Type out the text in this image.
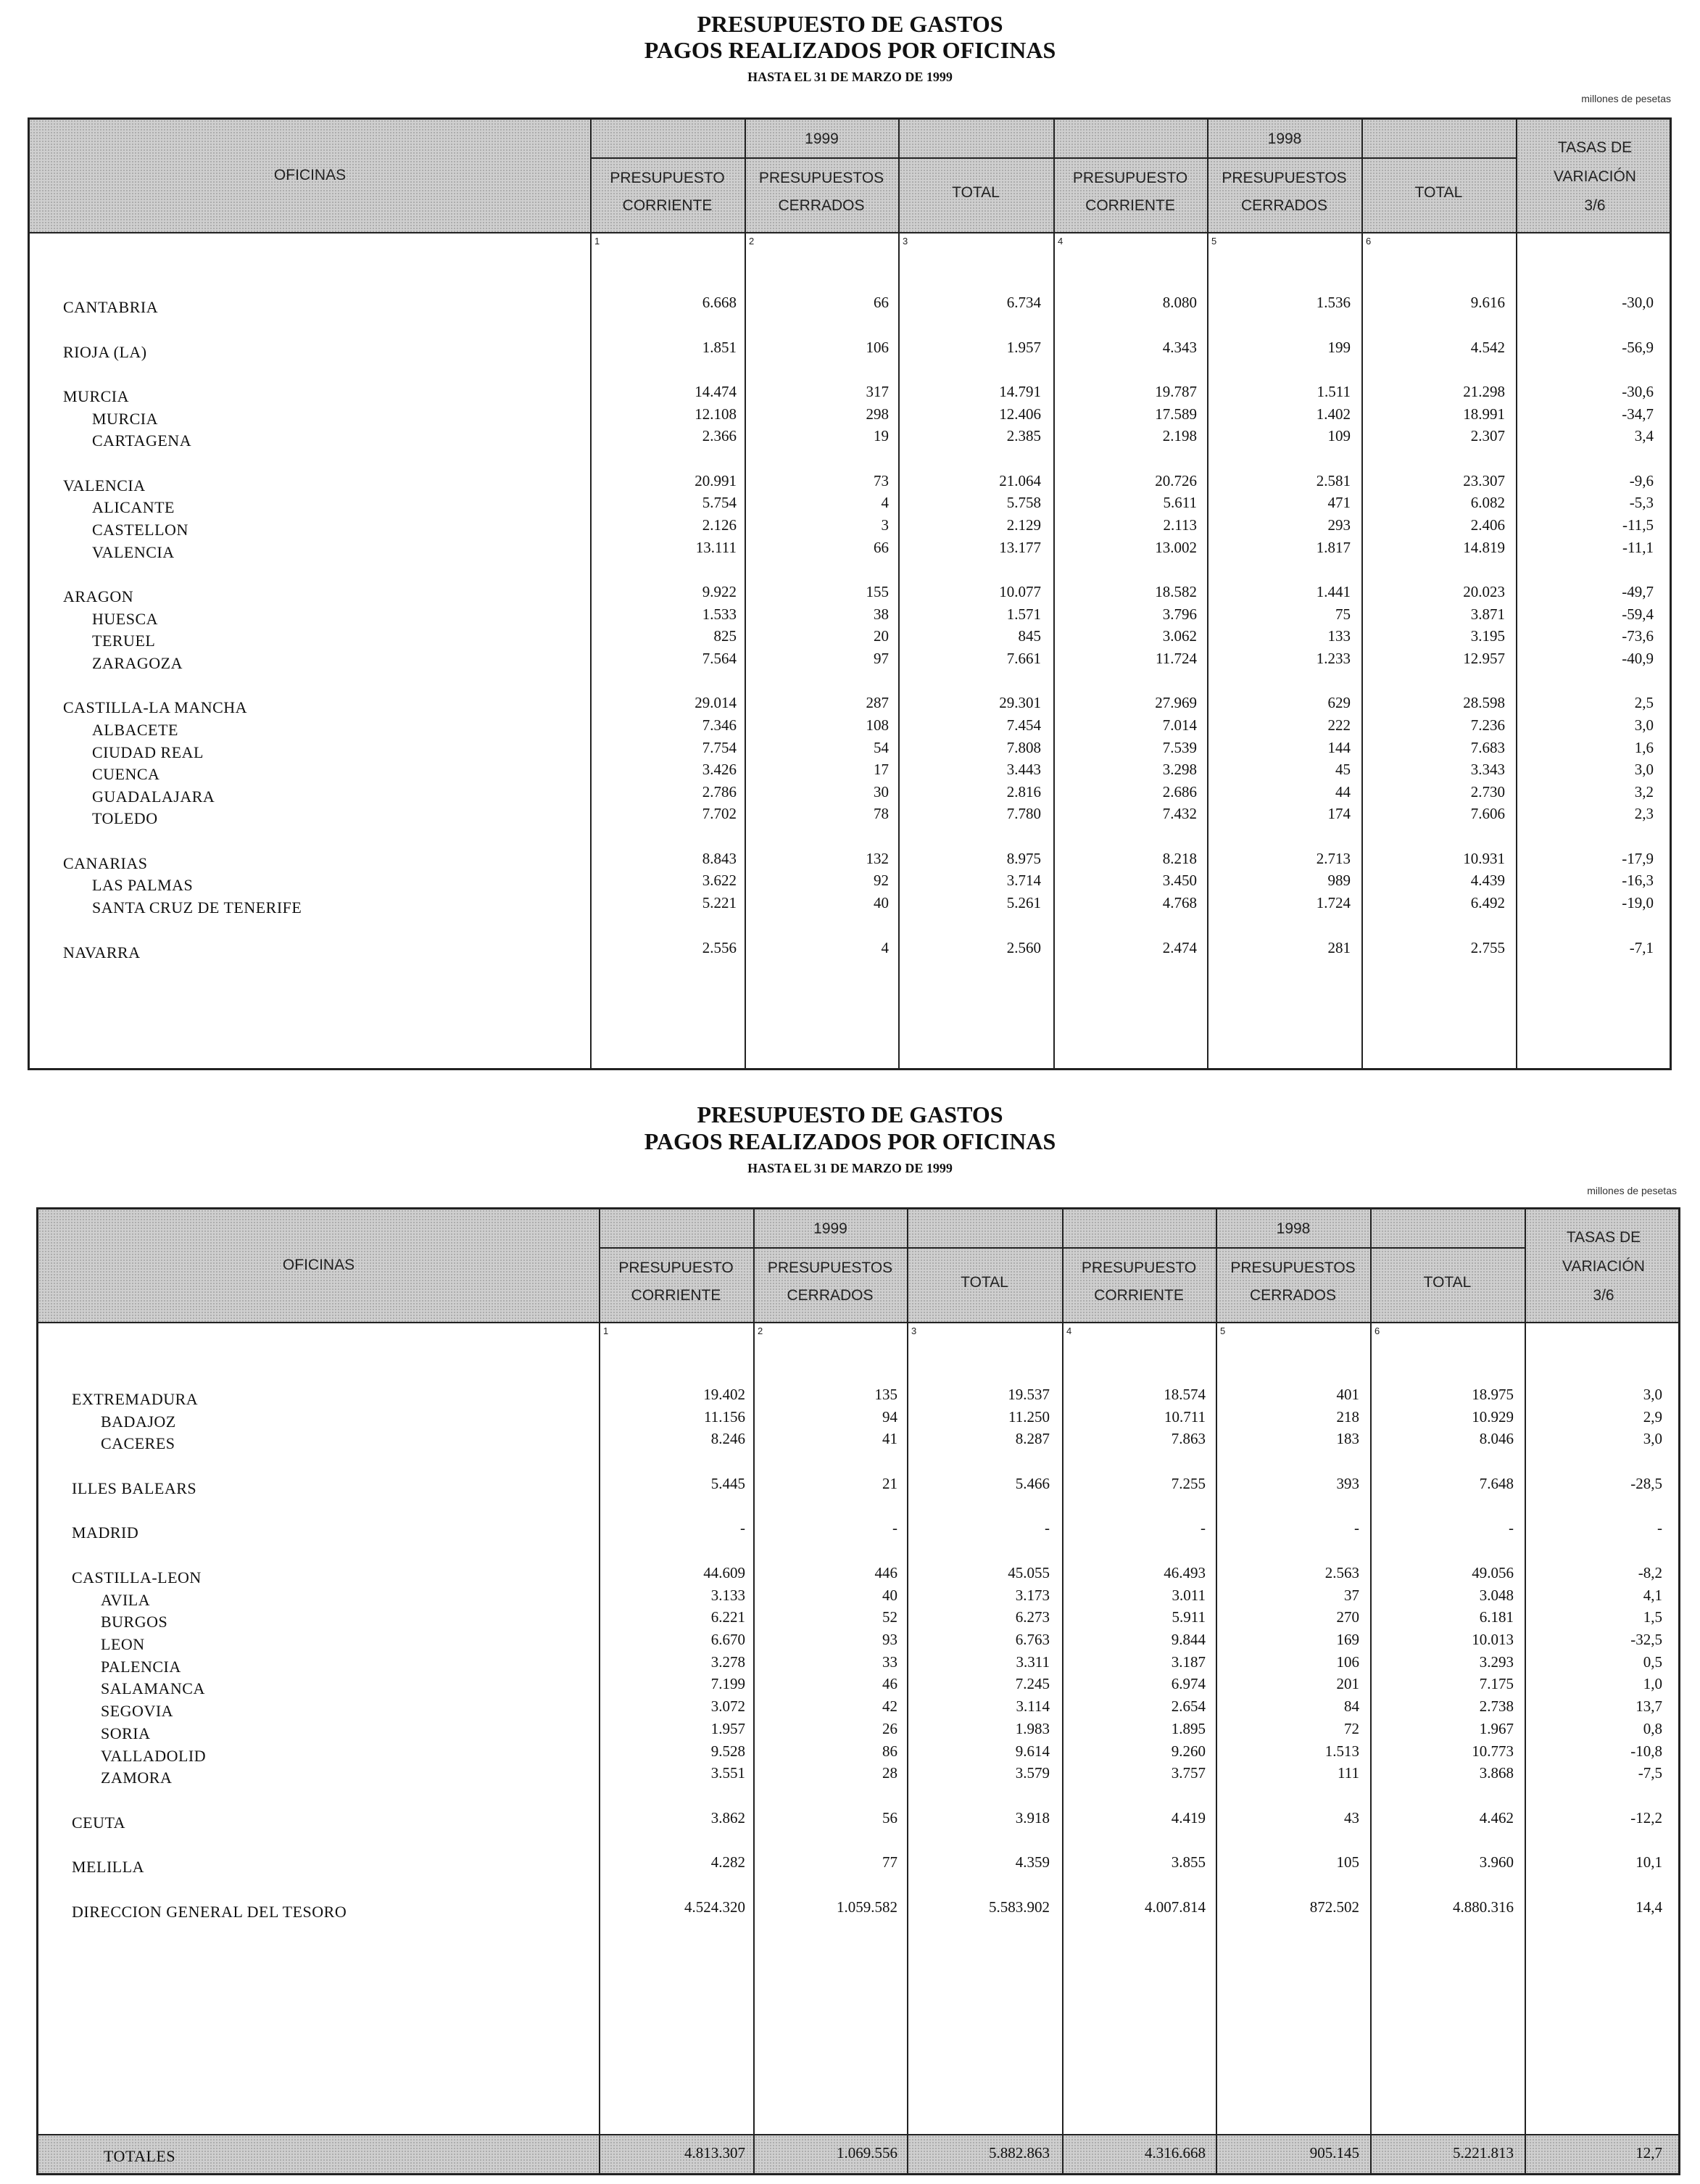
PRESUPUESTO DE GASTOS
PAGOS REALIZADOS POR OFICINAS
HASTA EL 31 DE MARZO DE 1999
millones de pesetas
OFICINAS
1999	1998
PRESUPUESTO
CORRIENTE
PRESUPUESTOS
CERRADOS
TOTAL
PRESUPUESTO
CORRIENTE
PRESUPUESTOS
CERRADOS
TOTAL
TASAS DE
VARIACIÓN
3/6
1	2	3	4	5	6
CANTABRIA	6.668	66	6.734	8.080	1.536	9.616	-30,0
RIOJA (LA)	1.851	106	1.957	4.343	199	4.542	-56,9
MURCIA	14.474	317	14.791	19.787	1.511	21.298	-30,6
MURCIA	12.108	298	12.406	17.589	1.402	18.991	-34,7
CARTAGENA	2.366	19	2.385	2.198	109	2.307	3,4
VALENCIA	20.991	73	21.064	20.726	2.581	23.307	-9,6
ALICANTE	5.754	4	5.758	5.611	471	6.082	-5,3
CASTELLON	2.126	3	2.129	2.113	293	2.406	-11,5
VALENCIA	13.111	66	13.177	13.002	1.817	14.819	-11,1
ARAGON	9.922	155	10.077	18.582	1.441	20.023	-49,7
HUESCA	1.533	38	1.571	3.796	75	3.871	-59,4
TERUEL	825	20	845	3.062	133	3.195	-73,6
ZARAGOZA	7.564	97	7.661	11.724	1.233	12.957	-40,9
CASTILLA-LA MANCHA	29.014	287	29.301	27.969	629	28.598	2,5
ALBACETE	7.346	108	7.454	7.014	222	7.236	3,0
CIUDAD REAL	7.754	54	7.808	7.539	144	7.683	1,6
CUENCA	3.426	17	3.443	3.298	45	3.343	3,0
GUADALAJARA	2.786	30	2.816	2.686	44	2.730	3,2
TOLEDO	7.702	78	7.780	7.432	174	7.606	2,3
CANARIAS	8.843	132	8.975	8.218	2.713	10.931	-17,9
LAS PALMAS	3.622	92	3.714	3.450	989	4.439	-16,3
SANTA CRUZ DE TENERIFE	5.221	40	5.261	4.768	1.724	6.492	-19,0
NAVARRA	2.556	4	2.560	2.474	281	2.755	-7,1
PRESUPUESTO DE GASTOS
PAGOS REALIZADOS POR OFICINAS
HASTA EL 31 DE MARZO DE 1999
millones de pesetas
OFICINAS
1999	1998
PRESUPUESTO
CORRIENTE
PRESUPUESTOS
CERRADOS
TOTAL
PRESUPUESTO
CORRIENTE
PRESUPUESTOS
CERRADOS
TOTAL
TASAS DE
VARIACIÓN
3/6
1	2	3	4	5	6
EXTREMADURA	19.402	135	19.537	18.574	401	18.975	3,0
BADAJOZ	11.156	94	11.250	10.711	218	10.929	2,9
CACERES	8.246	41	8.287	7.863	183	8.046	3,0
ILLES BALEARS	5.445	21	5.466	7.255	393	7.648	-28,5
MADRID	-	-	-	-	-	-	-
CASTILLA-LEON	44.609	446	45.055	46.493	2.563	49.056	-8,2
AVILA	3.133	40	3.173	3.011	37	3.048	4,1
BURGOS	6.221	52	6.273	5.911	270	6.181	1,5
LEON	6.670	93	6.763	9.844	169	10.013	-32,5
PALENCIA	3.278	33	3.311	3.187	106	3.293	0,5
SALAMANCA	7.199	46	7.245	6.974	201	7.175	1,0
SEGOVIA	3.072	42	3.114	2.654	84	2.738	13,7
SORIA	1.957	26	1.983	1.895	72	1.967	0,8
VALLADOLID	9.528	86	9.614	9.260	1.513	10.773	-10,8
ZAMORA	3.551	28	3.579	3.757	111	3.868	-7,5
CEUTA	3.862	56	3.918	4.419	43	4.462	-12,2
MELILLA	4.282	77	4.359	3.855	105	3.960	10,1
DIRECCION GENERAL DEL TESORO	4.524.320	1.059.582	5.583.902	4.007.814	872.502	4.880.316	14,4
TOTALES	4.813.307	1.069.556	5.882.863	4.316.668	905.145	5.221.813	12,7
